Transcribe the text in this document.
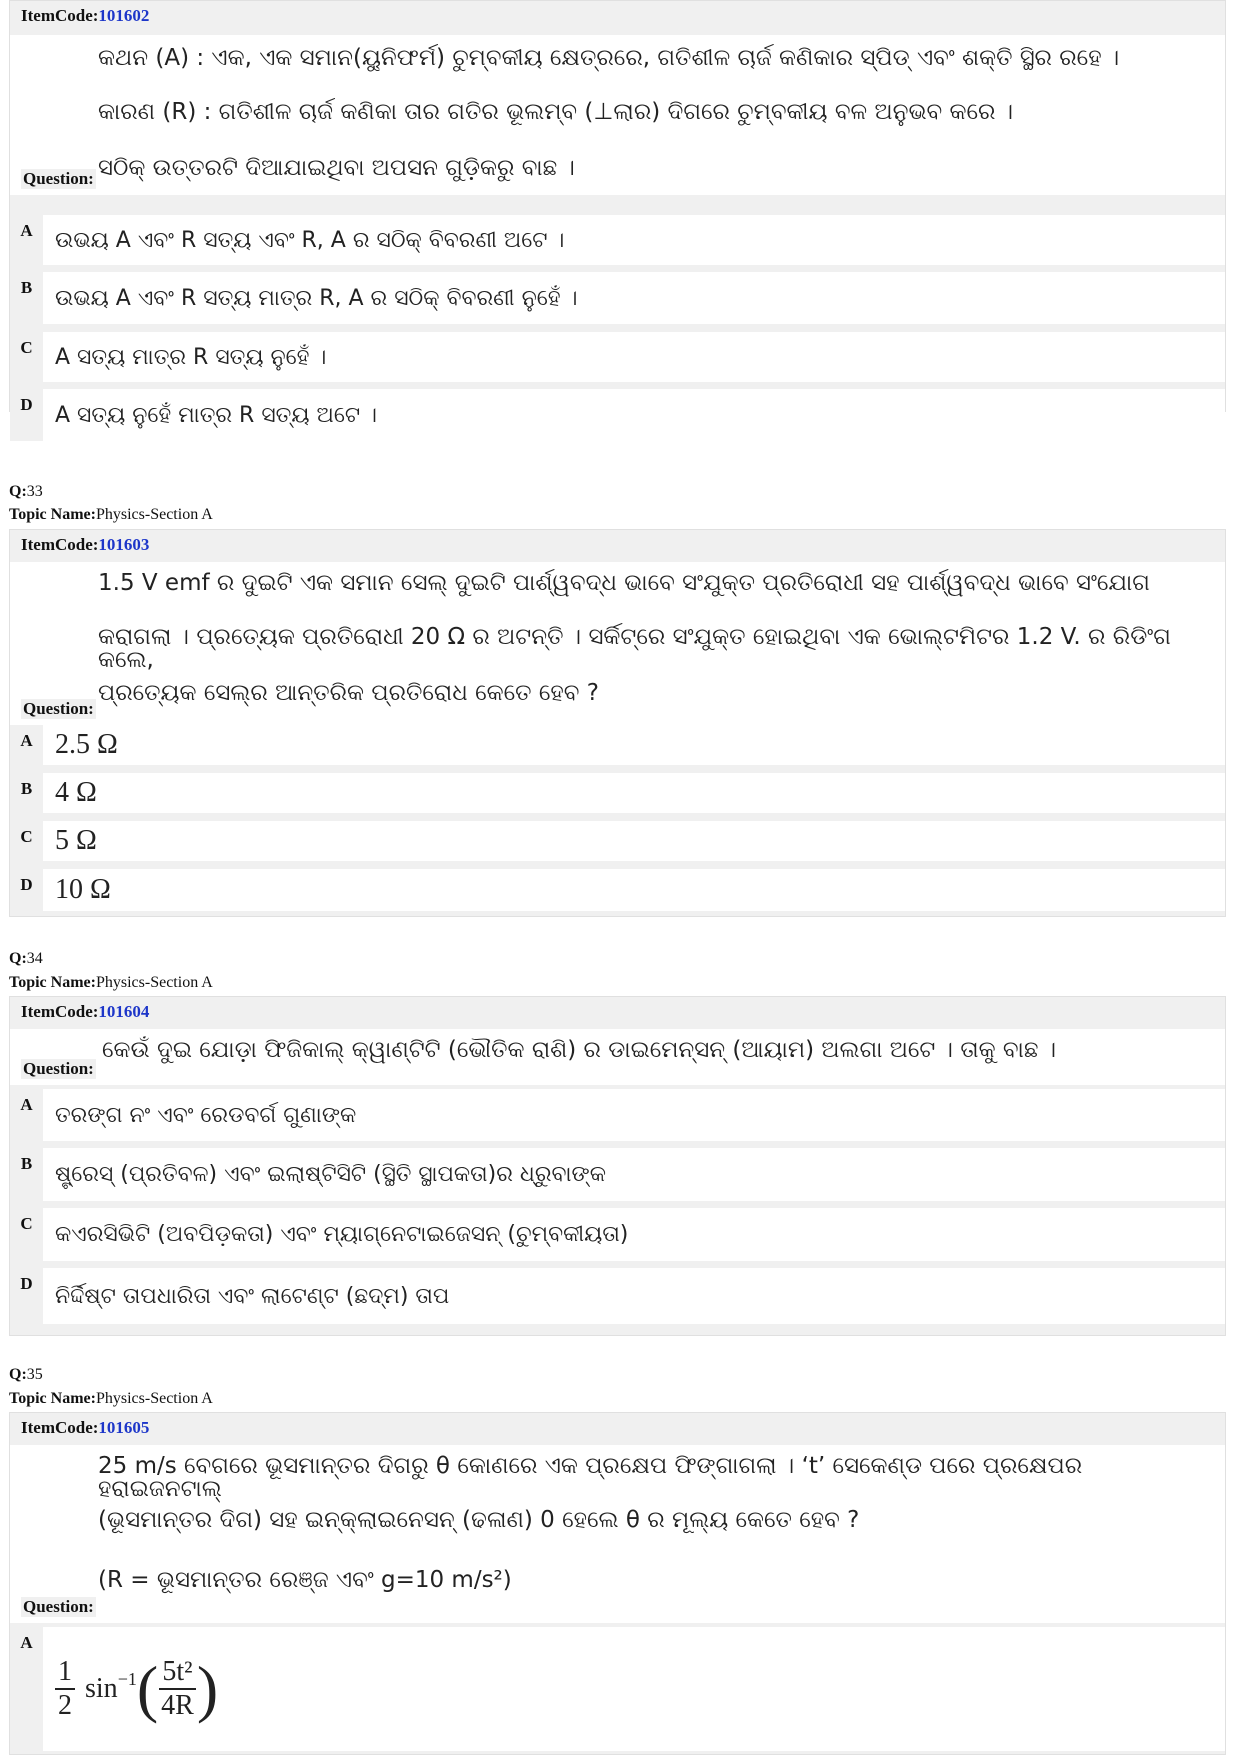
ItemCode:101602
Question:

କଥନ (A) : ଏକ, ଏକ ସମାନ(ୟୁନିଫର୍ମ) ଚୁମ୍ବକୀୟ କ୍ଷେତ୍ରରେ, ଗତିଶୀଳ ଚାର୍ଜ କଣିକାର ସ୍ପିଡ୍ ଏବଂ ଶକ୍ତି ସ୍ଥିର ରହେ ।

କାରଣ (R) : ଗତିଶୀଳ ଚାର୍ଜ କଣିକା ତାର ଗତିର ଭୂଲମ୍ବ (⊥ଲାର) ଦିଗରେ ଚୁମ୍ବକୀୟ ବଳ ଅନୁଭବ କରେ ।

ସଠିକ୍ ଉତ୍ତରଟି ଦିଆଯାଇଥିବା ଅପସନ ଗୁଡ଼ିକରୁ ବାଛ ।

A	ଉଭୟ A ଏବଂ R ସତ୍ୟ ଏବଂ R, A ର ସଠିକ୍ ବିବରଣୀ ଅଟେ ।
B	ଉଭୟ A ଏବଂ R ସତ୍ୟ ମାତ୍ର R, A ର ସଠିକ୍ ବିବରଣୀ ନୁହେଁ ।
C	A ସତ୍ୟ ମାତ୍ର R ସତ୍ୟ ନୁହେଁ ।
D	A ସତ୍ୟ ନୁହେଁ ମାତ୍ର R ସତ୍ୟ ଅଟେ ।
Q:33
Topic Name:Physics-Section A
ItemCode:101603
Question:

1.5 V emf ର ଦୁଇଟି ଏକ ସମାନ ସେଲ୍ ଦୁଇଟି ପାର୍ଶ୍ୱବଦ୍ଧ ଭାବେ ସଂଯୁକ୍ତ ପ୍ରତିରୋଧୀ ସହ ପାର୍ଶ୍ୱବଦ୍ଧ ଭାବେ ସଂଯୋଗ

କରାଗଲା । ପ୍ରତ୍ୟେକ ପ୍ରତିରୋଧୀ 20 Ω ର ଅଟନ୍ତି । ସର୍କିଟ୍‌ରେ ସଂଯୁକ୍ତ ହୋଇଥିବା ଏକ ଭୋଲ୍ଟମିଟର 1.2 V. ର ରିଡିଂଗ କଲେ,

ପ୍ରତ୍ୟେକ ସେଲ୍‌ର ଆନ୍ତରିକ ପ୍ରତିରୋଧ କେତେ ହେବ ?

A 2.5 Ω
B 4 Ω
C 5 Ω
D 10 Ω
Q:34
Topic Name:Physics-Section A
ItemCode:101604
Question:

କେଉଁ ଦୁଇ ଯୋଡ଼ା ଫିଜିକାଲ୍ କ୍ୱାଣ୍ଟିଟି (ଭୌତିକ ରାଶି) ର ଡାଇମେନ୍‌ସନ୍ (ଆୟାମ) ଅଲଗା ଅଟେ । ତାକୁ ବାଛ ।

A	ତରଙ୍ଗ ନଂ ଏବଂ ରେଡବର୍ଗ ଗୁଣାଙ୍କ
B	ଷ୍ଟ୍ରେସ୍ (ପ୍ରତିବଳ) ଏବଂ ଇଲାଷ୍ଟିସିଟି (ସ୍ଥିତି ସ୍ଥାପକତା)ର ଧ୍ରୁବାଙ୍କ
C	କଏରସିଭିଟି (ଅବପିଡ଼କତା) ଏବଂ ମ୍ୟାଗ୍ନେଟାଇଜେସନ୍ (ଚୁମ୍ବକୀୟତା)
D	ନିର୍ଦ୍ଦିଷ୍ଟ ତାପଧାରିତା ଏବଂ ଲାଟେଣ୍ଟ (ଛଦ୍ମ) ତାପ
Q:35
Topic Name:Physics-Section A
ItemCode:101605
Question:

25 m/s ବେଗରେ ଭୂସମାନ୍ତର ଦିଗରୁ θ କୋଣରେ ଏକ ପ୍ରକ୍ଷେପ ଫିଙ୍ଗାଗଲା । ‘t’ ସେକେଣ୍ଡ ପରେ ପ୍ରକ୍ଷେପର ହରାଇଜନଟାଲ୍

(ଭୂସମାନ୍ତର ଦିଗ) ସହ ଇନ୍‌କ୍ଲାଇନେସନ୍ (ଢଳାଣ) 0 ହେଲେ θ ର ମୂଲ୍ୟ କେତେ ହେବ ?

(R = ଭୂସମାନ୍ତର ରେଞ୍ଜ ଏବଂ g=10 m/s²)

A
$\frac{1}{2} \sin^{-1}$ ( $\frac{\text{5t²}}{4R}$ )
